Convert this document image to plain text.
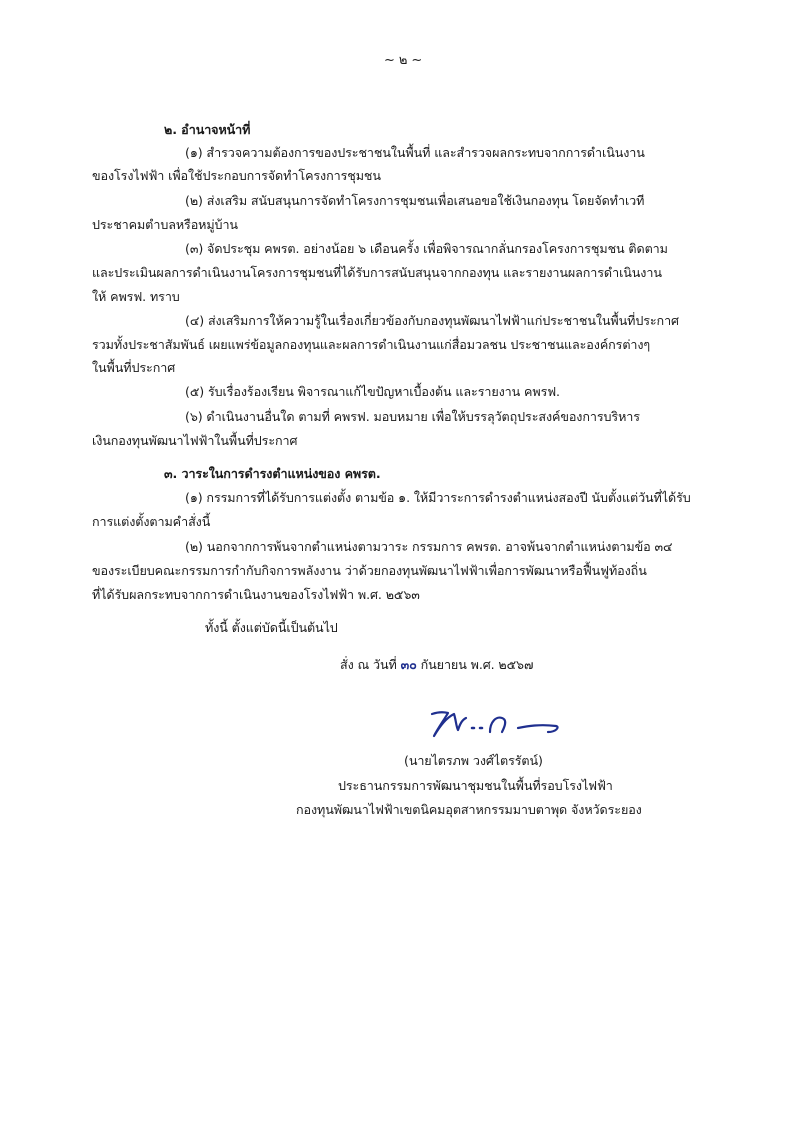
~ ๒ ~
๒. อำนาจหน้าที่
(๑) สำรวจความต้องการของประชาชนในพื้นที่ และสำรวจผลกระทบจากการดำเนินงาน
ของโรงไฟฟ้า เพื่อใช้ประกอบการจัดทำโครงการชุมชน
(๒) ส่งเสริม สนับสนุนการจัดทำโครงการชุมชนเพื่อเสนอขอใช้เงินกองทุน โดยจัดทำเวที
ประชาคมตำบลหรือหมู่บ้าน
(๓) จัดประชุม คพรต. อย่างน้อย ๖ เดือนครั้ง เพื่อพิจารณากลั่นกรองโครงการชุมชน ติดตาม
และประเมินผลการดำเนินงานโครงการชุมชนที่ได้รับการสนับสนุนจากกองทุน และรายงานผลการดำเนินงาน
ให้ คพรฟ. ทราบ
(๔) ส่งเสริมการให้ความรู้ในเรื่องเกี่ยวข้องกับกองทุนพัฒนาไฟฟ้าแก่ประชาชนในพื้นที่ประกาศ
รวมทั้งประชาสัมพันธ์ เผยแพร่ข้อมูลกองทุนและผลการดำเนินงานแก่สื่อมวลชน ประชาชนและองค์กรต่างๆ
ในพื้นที่ประกาศ
(๕) รับเรื่องร้องเรียน พิจารณาแก้ไขปัญหาเบื้องต้น และรายงาน คพรฟ.
(๖) ดำเนินงานอื่นใด ตามที่ คพรฟ. มอบหมาย เพื่อให้บรรลุวัตถุประสงค์ของการบริหาร
เงินกองทุนพัฒนาไฟฟ้าในพื้นที่ประกาศ
๓. วาระในการดำรงตำแหน่งของ คพรต.
(๑) กรรมการที่ได้รับการแต่งตั้ง ตามข้อ ๑. ให้มีวาระการดำรงตำแหน่งสองปี นับตั้งแต่วันที่ได้รับ
การแต่งตั้งตามคำสั่งนี้
(๒) นอกจากการพ้นจากตำแหน่งตามวาระ กรรมการ คพรต. อาจพ้นจากตำแหน่งตามข้อ ๓๔
ของระเบียบคณะกรรมการกำกับกิจการพลังงาน ว่าด้วยกองทุนพัฒนาไฟฟ้าเพื่อการพัฒนาหรือฟื้นฟูท้องถิ่น
ที่ได้รับผลกระทบจากการดำเนินงานของโรงไฟฟ้า พ.ศ. ๒๕๖๓
ทั้งนี้ ตั้งแต่บัดนี้เป็นต้นไป
สั่ง ณ วันที่ ๓๐ กันยายน พ.ศ. ๒๕๖๗
(นายไตรภพ วงศ์ไตรรัตน์)
ประธานกรรมการพัฒนาชุมชนในพื้นที่รอบโรงไฟฟ้า
กองทุนพัฒนาไฟฟ้าเขตนิคมอุตสาหกรรมมาบตาพุด จังหวัดระยอง
